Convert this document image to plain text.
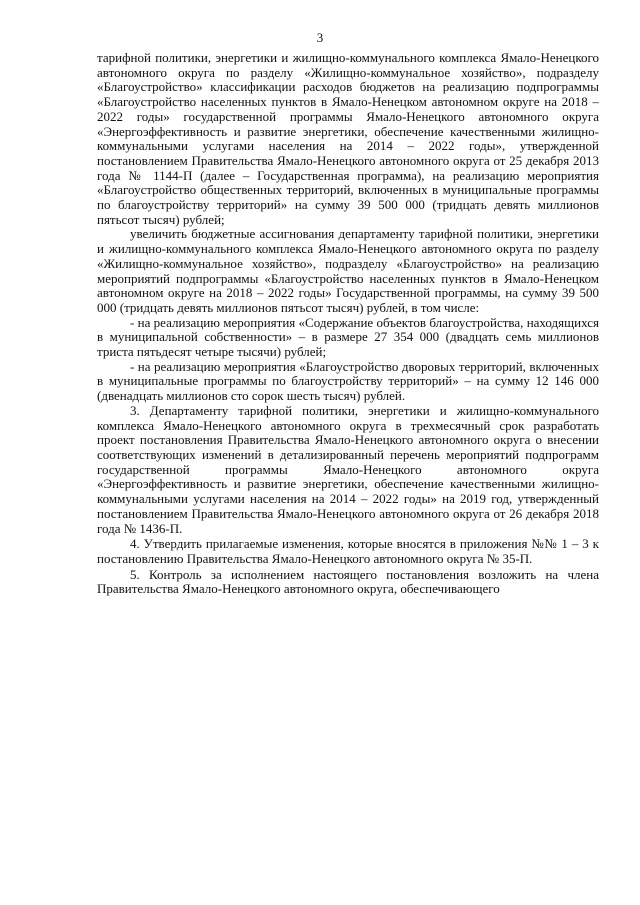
3

тарифной политики, энергетики и жилищно-коммунального комплекса Ямало-Ненецкого автономного округа по разделу «Жилищно-коммунальное хозяйство», подразделу «Благоустройство» классификации расходов бюджетов на реализацию подпрограммы «Благоустройство населенных пунктов в Ямало-Ненецком автономном округе на 2018 – 2022 годы» государственной программы Ямало-Ненецкого автономного округа «Энергоэффективность и развитие энергетики, обеспечение качественными жилищно-коммунальными услугами населения на 2014 – 2022 годы», утвержденной постановлением Правительства Ямало-Ненецкого автономного округа от 25 декабря 2013 года № 1144-П (далее – Государственная программа), на реализацию мероприятия «Благоустройство общественных территорий, включенных в муниципальные программы по благоустройству территорий» на сумму 39 500 000 (тридцать девять миллионов пятьсот тысяч) рублей;

увеличить бюджетные ассигнования департаменту тарифной политики, энергетики и жилищно-коммунального комплекса Ямало-Ненецкого автономного округа по разделу «Жилищно-коммунальное хозяйство», подразделу «Благоустройство» на реализацию мероприятий подпрограммы «Благоустройство населенных пунктов в Ямало-Ненецком автономном округе на 2018 – 2022 годы» Государственной программы, на сумму 39 500 000 (тридцать девять миллионов пятьсот тысяч) рублей, в том числе:

- на реализацию мероприятия «Содержание объектов благоустройства, находящихся в муниципальной собственности» – в размере 27 354 000 (двадцать семь миллионов триста пятьдесят четыре тысячи) рублей;

- на реализацию мероприятия «Благоустройство дворовых территорий, включенных в муниципальные программы по благоустройству территорий» – на сумму 12 146 000 (двенадцать миллионов сто сорок шесть тысяч) рублей.

3. Департаменту тарифной политики, энергетики и жилищно-коммунального комплекса Ямало-Ненецкого автономного округа в трехмесячный срок разработать проект постановления Правительства Ямало-Ненецкого автономного округа о внесении соответствующих изменений в детализированный перечень мероприятий подпрограмм государственной программы Ямало-Ненецкого автономного округа «Энергоэффективность и развитие энергетики, обеспечение качественными жилищно-коммунальными услугами населения на 2014 – 2022 годы» на 2019 год, утвержденный постановлением Правительства Ямало-Ненецкого автономного округа от 26 декабря 2018 года № 1436-П.

4. Утвердить прилагаемые изменения, которые вносятся в приложения №№ 1 – 3 к постановлению Правительства Ямало-Ненецкого автономного округа № 35-П.

5. Контроль за исполнением настоящего постановления возложить на члена Правительства Ямало-Ненецкого автономного округа, обеспечивающего
